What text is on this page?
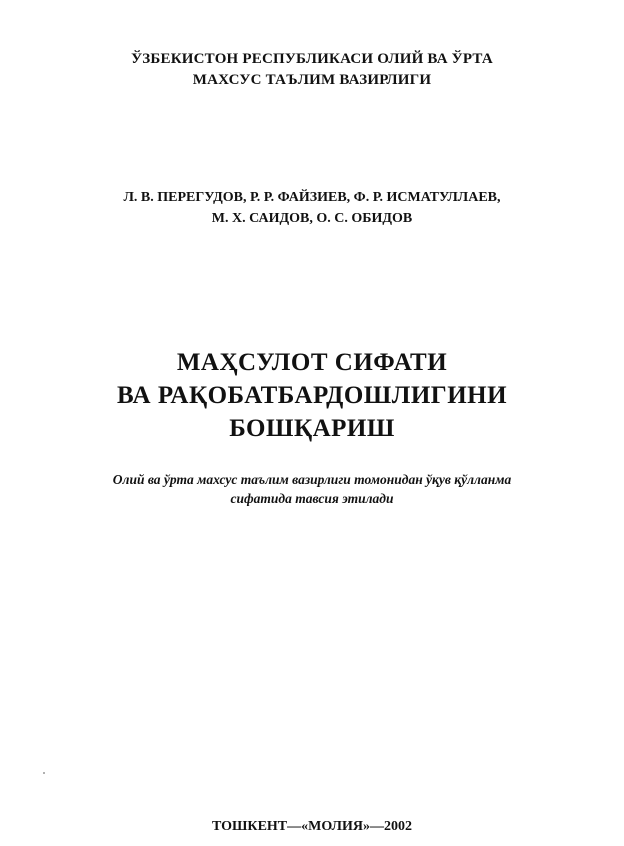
ЎЗБЕКИСТОН РЕСПУБЛИКАСИ ОЛИЙ ВА ЎРТА
МАХСУС ТАЪЛИМ ВАЗИРЛИГИ
Л. В. ПЕРЕГУДОВ, Р. Р. ФАЙЗИЕВ, Ф. Р. ИСМАТУЛЛАЕВ,
М. Х. САИДОВ, О. С. ОБИДОВ
МАҲСУЛОТ СИФАТИ
ВА РАҚОБАТБАРДОШЛИГИНИ
БОШҚАРИШ
Олий ва ўрта махсус таълим вазирлиги томонидан ўқув қўлланма
сифатида тавсия этилади
ТОШКЕНТ—«МОЛИЯ»—2002
